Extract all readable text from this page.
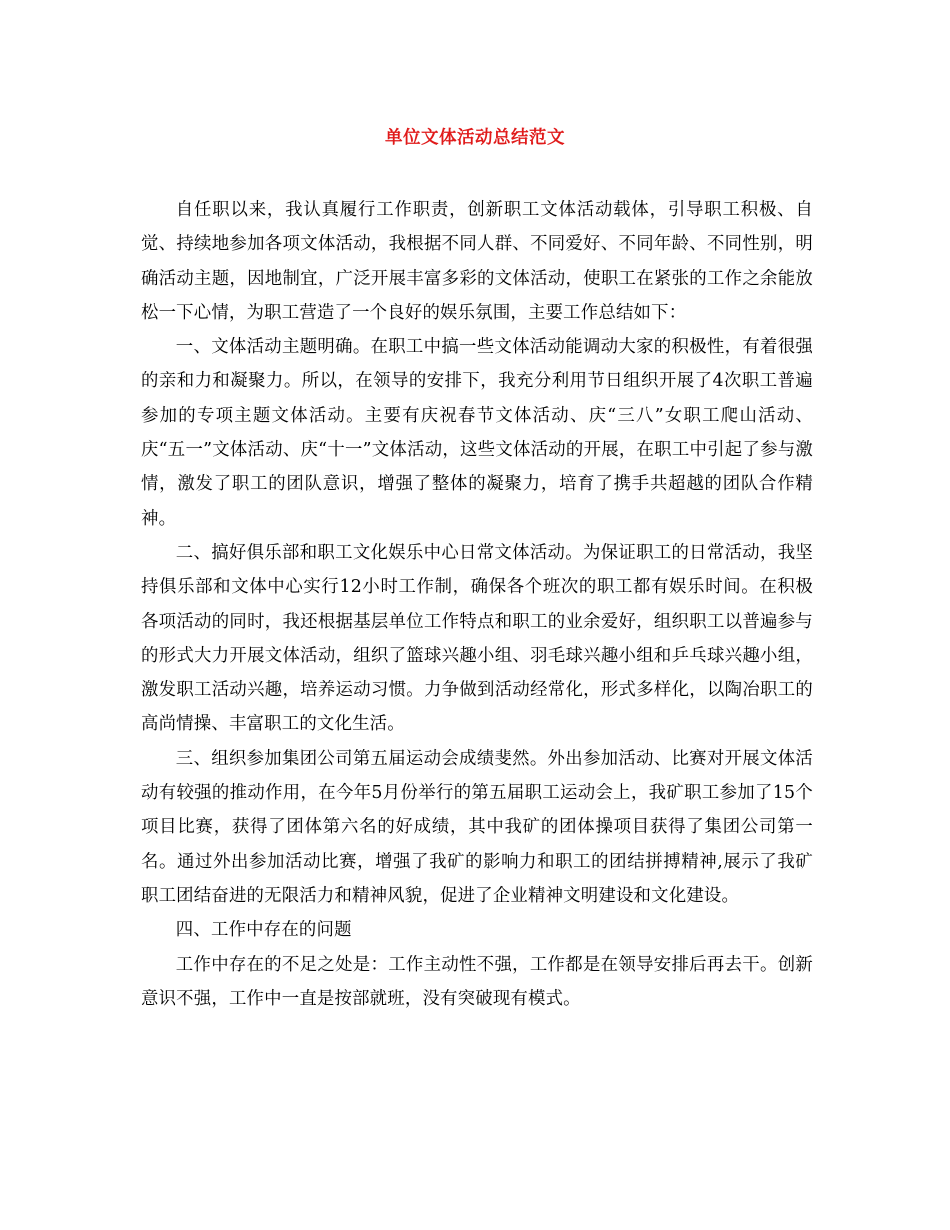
单位文体活动总结范文

自任职以来，我认真履行工作职责，创新职工文体活动载体，引导职工积极、自觉、持续地参加各项文体活动，我根据不同人群、不同爱好、不同年龄、不同性别，明确活动主题，因地制宜，广泛开展丰富多彩的文体活动，使职工在紧张的工作之余能放松一下心情，为职工营造了一个良好的娱乐氛围，主要工作总结如下：

一、文体活动主题明确。在职工中搞一些文体活动能调动大家的积极性，有着很强的亲和力和凝聚力。所以，在领导的安排下，我充分利用节日组织开展了4次职工普遍参加的专项主题文体活动。主要有庆祝春节文体活动、庆“三八”女职工爬山活动、庆“五一”文体活动、庆“十一”文体活动，这些文体活动的开展，在职工中引起了参与激情，激发了职工的团队意识，增强了整体的凝聚力，培育了携手共超越的团队合作精神。

二、搞好俱乐部和职工文化娱乐中心日常文体活动。为保证职工的日常活动，我坚持俱乐部和文体中心实行12小时工作制，确保各个班次的职工都有娱乐时间。在积极各项活动的同时，我还根据基层单位工作特点和职工的业余爱好，组织职工以普遍参与的形式大力开展文体活动，组织了篮球兴趣小组、羽毛球兴趣小组和乒乓球兴趣小组，激发职工活动兴趣，培养运动习惯。力争做到活动经常化，形式多样化，以陶冶职工的高尚情操、丰富职工的文化生活。

三、组织参加集团公司第五届运动会成绩斐然。外出参加活动、比赛对开展文体活动有较强的推动作用，在今年5月份举行的第五届职工运动会上，我矿职工参加了15个项目比赛，获得了团体第六名的好成绩，其中我矿的团体操项目获得了集团公司第一名。通过外出参加活动比赛，增强了我矿的影响力和职工的团结拼搏精神,展示了我矿职工团结奋进的无限活力和精神风貌，促进了企业精神文明建设和文化建设。

四、工作中存在的问题

工作中存在的不足之处是：工作主动性不强，工作都是在领导安排后再去干。创新意识不强，工作中一直是按部就班，没有突破现有模式。
